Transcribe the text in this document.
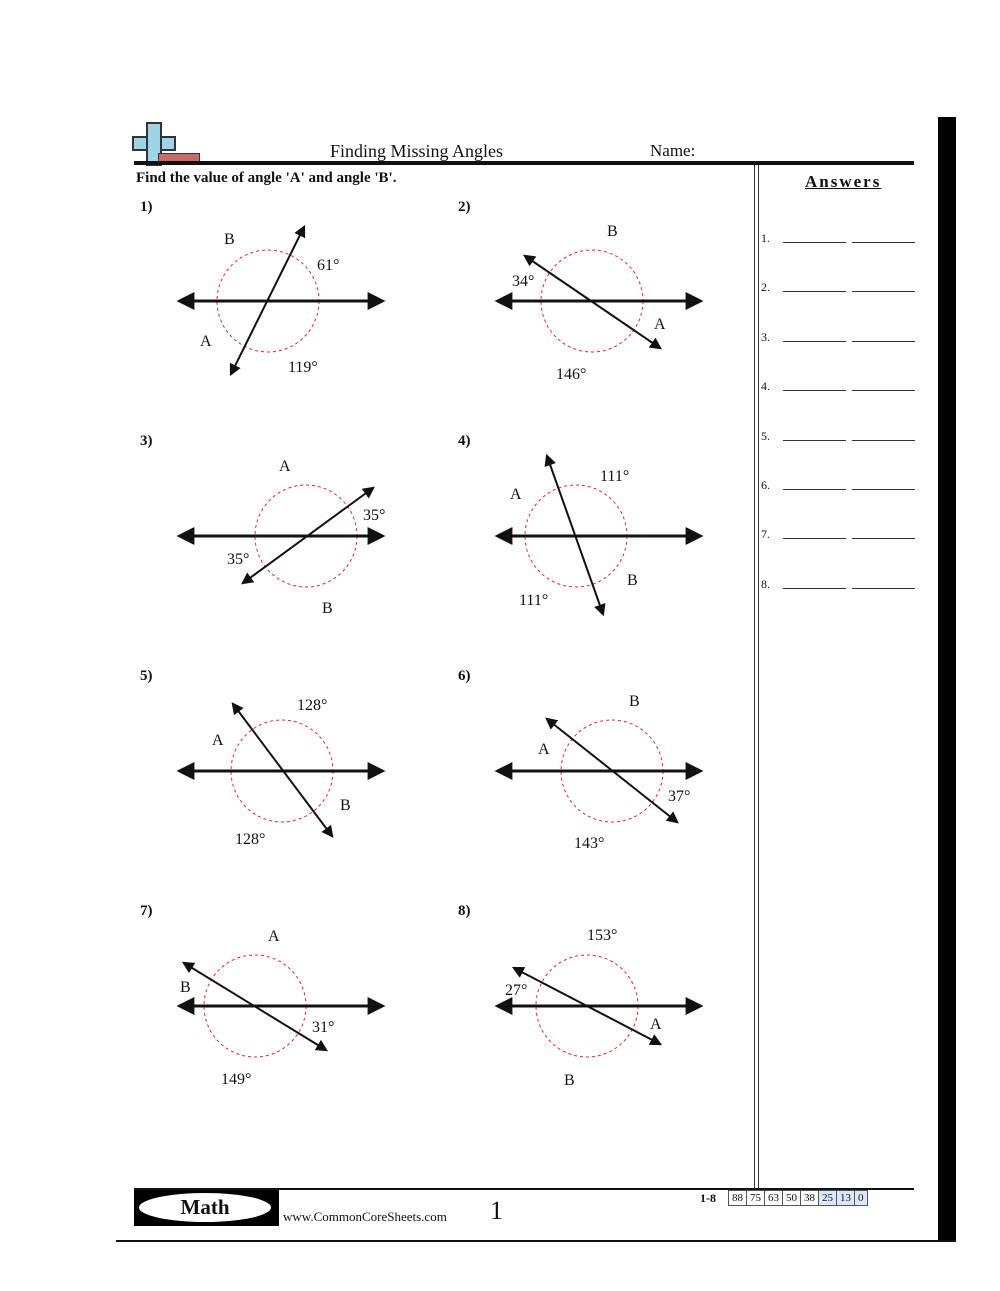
Finding Missing Angles	Name:
Find the value of angle 'A' and angle 'B'.
1)	2)
3)	4)
5)	6)
7)	8)
B
61°
A
119°
B
34°
A
146°
A
35°
35°
B
111°
A
B
111°
128°
A
B
128°
B
A
37°
143°
A
B
31°
149°
153°
27°
A
B
Answers
1.
2.
3.
4.
5.
6.
7.
8.
Math	www.CommonCoreSheets.com 1	1-8 88	75	63	50	38	25	13	0
